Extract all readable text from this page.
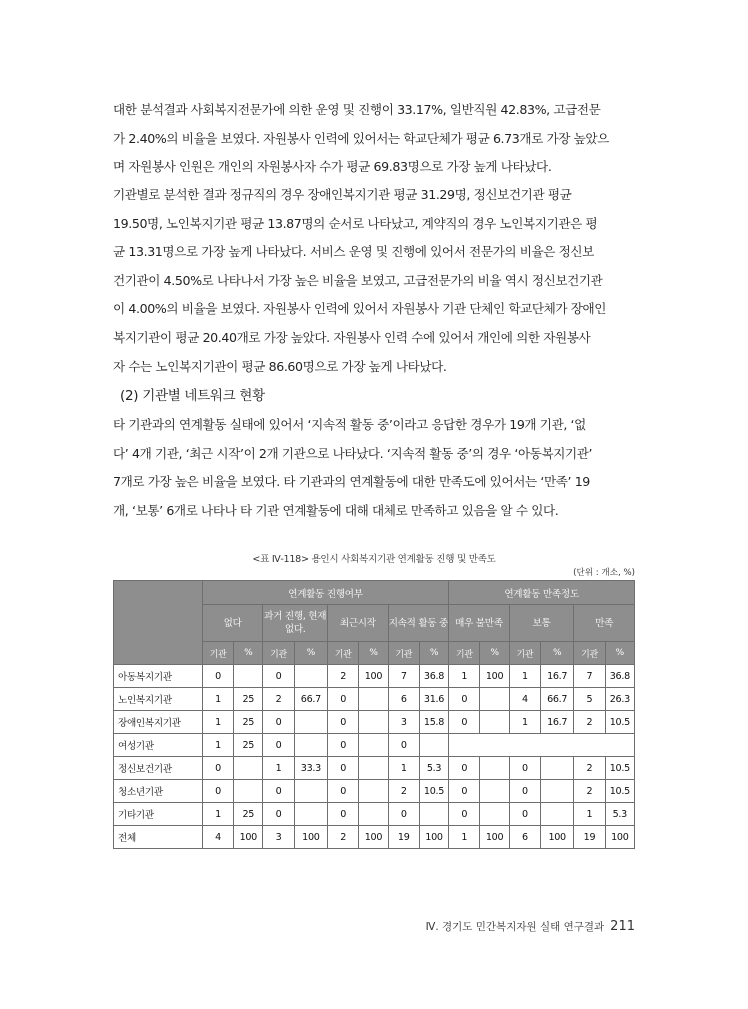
대한 분석결과 사회복지전문가에 의한 운영 및 진행이 33.17%, 일반직원 42.83%, 고급전문
가 2.40%의 비율을 보였다. 자원봉사 인력에 있어서는 학교단체가 평균 6.73개로 가장 높았으
며 자원봉사 인원은 개인의 자원봉사자 수가 평균 69.83명으로 가장 높게 나타났다.
기관별로 분석한 결과 정규직의 경우 장애인복지기관 평균 31.29명, 정신보건기관 평균
19.50명, 노인복지기관 평균 13.87명의 순서로 나타났고, 계약직의 경우 노인복지기관은 평
균 13.31명으로 가장 높게 나타났다. 서비스 운영 및 진행에 있어서 전문가의 비율은 정신보
건기관이 4.50%로 나타나서 가장 높은 비율을 보였고, 고급전문가의 비율 역시 정신보건기관
이 4.00%의 비율을 보였다. 자원봉사 인력에 있어서 자원봉사 기관 단체인 학교단체가 장애인
복지기관이 평균 20.40개로 가장 높았다. 자원봉사 인력 수에 있어서 개인에 의한 자원봉사
자 수는 노인복지기관이 평균 86.60명으로 가장 높게 나타났다.
(2) 기관별 네트워크 현황
타 기관과의 연계활동 실태에 있어서 ‘지속적 활동 중’이라고 응답한 경우가 19개 기관, ‘없
다’ 4개 기관, ‘최근 시작’이 2개 기관으로 나타났다. ‘지속적 활동 중’의 경우 ‘아동복지기관’
7개로 가장 높은 비율을 보였다. 타 기관과의 연계활동에 대한 만족도에 있어서는 ‘만족’ 19
개, ‘보통’ 6개로 나타나 타 기관 연계활동에 대해 대체로 만족하고 있음을 알 수 있다.
<표 Ⅳ-118> 용인시 사회복지기관 연계활동 진행 및 만족도
(단위 : 개소, %)
	연계활동 진행여부								연계활동 만족정도					
	없다		과거 진행, 현재 없다.		최근시작		지속적 활동 중		매우 불만족		보통		만족	
	기관	%	기관	%	기관	%	기관	%	기관	%	기관	%	기관	%
아동복지기관	0		0		2	100	7	36.8	1	100	1	16.7	7	36.8
노인복지기관	1	25	2	66.7	0		6	31.6	0		4	66.7	5	26.3
장애인복지기관	1	25	0		0		3	15.8	0		1	16.7	2	10.5
여성기관	1	25	0		0		0							
정신보건기관	0		1	33.3	0		1	5.3	0		0		2	10.5
청소년기관	0		0		0		2	10.5	0		0		2	10.5
기타기관	1	25	0		0		0		0		0		1	5.3
전체	4	100	3	100	2	100	19	100	1	100	6	100	19	100
Ⅳ. 경기도 민간복지자원 실태 연구결과 211
